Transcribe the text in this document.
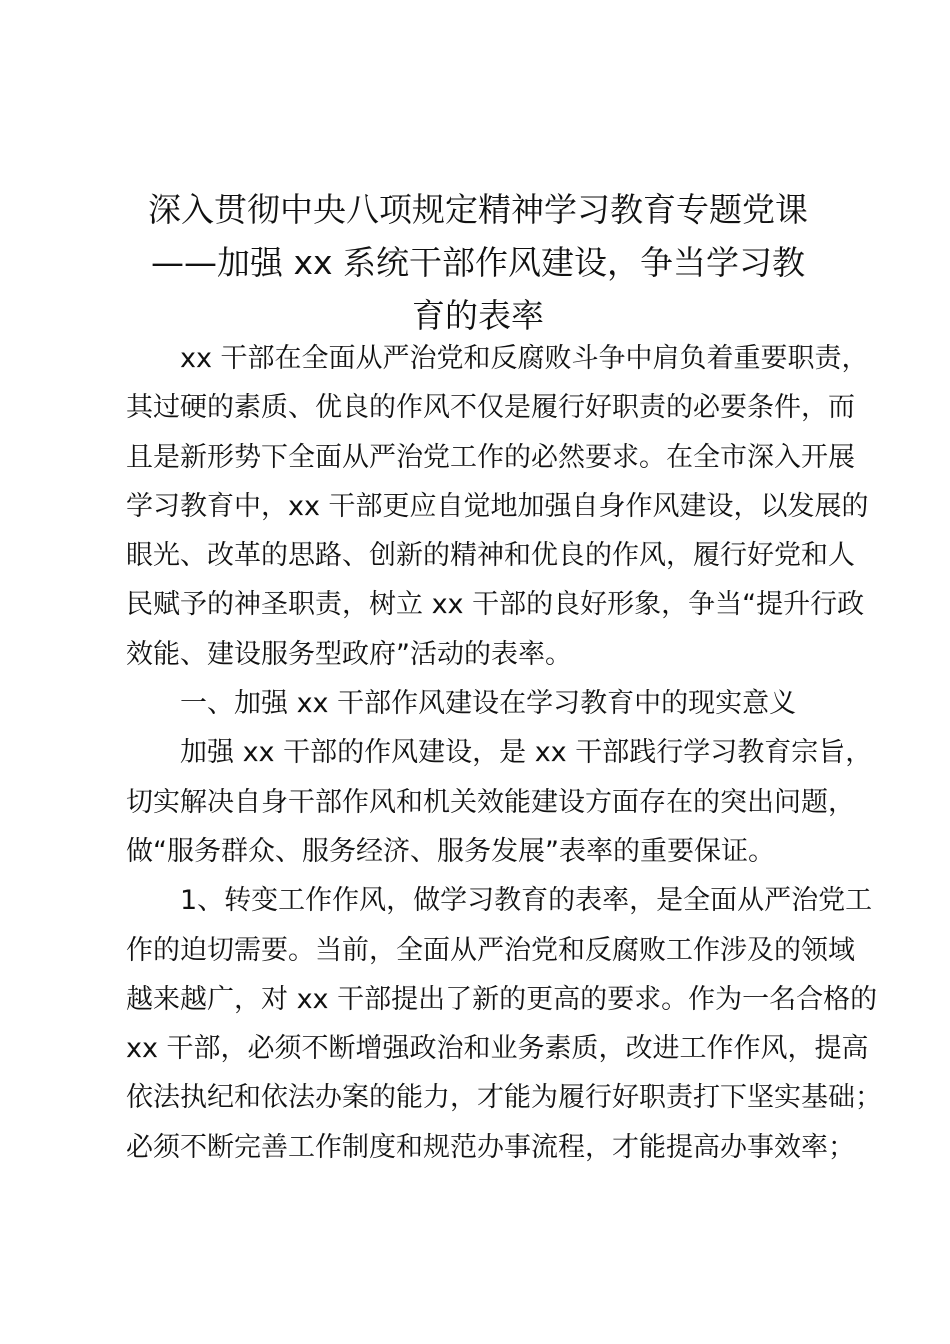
深入贯彻中央八项规定精神学习教育专题党课
——加强 xx 系统干部作风建设，争当学习教
育的表率
xx 干部在全面从严治党和反腐败斗争中肩负着重要职责，
其过硬的素质、优良的作风不仅是履行好职责的必要条件，而
且是新形势下全面从严治党工作的必然要求。在全市深入开展
学习教育中，xx 干部更应自觉地加强自身作风建设，以发展的
眼光、改革的思路、创新的精神和优良的作风，履行好党和人
民赋予的神圣职责，树立 xx 干部的良好形象，争当“提升行政
效能、建设服务型政府”活动的表率。
一、加强 xx 干部作风建设在学习教育中的现实意义
加强 xx 干部的作风建设，是 xx 干部践行学习教育宗旨，
切实解决自身干部作风和机关效能建设方面存在的突出问题，
做“服务群众、服务经济、服务发展”表率的重要保证。
1、转变工作作风，做学习教育的表率，是全面从严治党工
作的迫切需要。当前，全面从严治党和反腐败工作涉及的领域
越来越广，对 xx 干部提出了新的更高的要求。作为一名合格的
xx 干部，必须不断增强政治和业务素质，改进工作作风，提高
依法执纪和依法办案的能力，才能为履行好职责打下坚实基础；
必须不断完善工作制度和规范办事流程，才能提高办事效率；
